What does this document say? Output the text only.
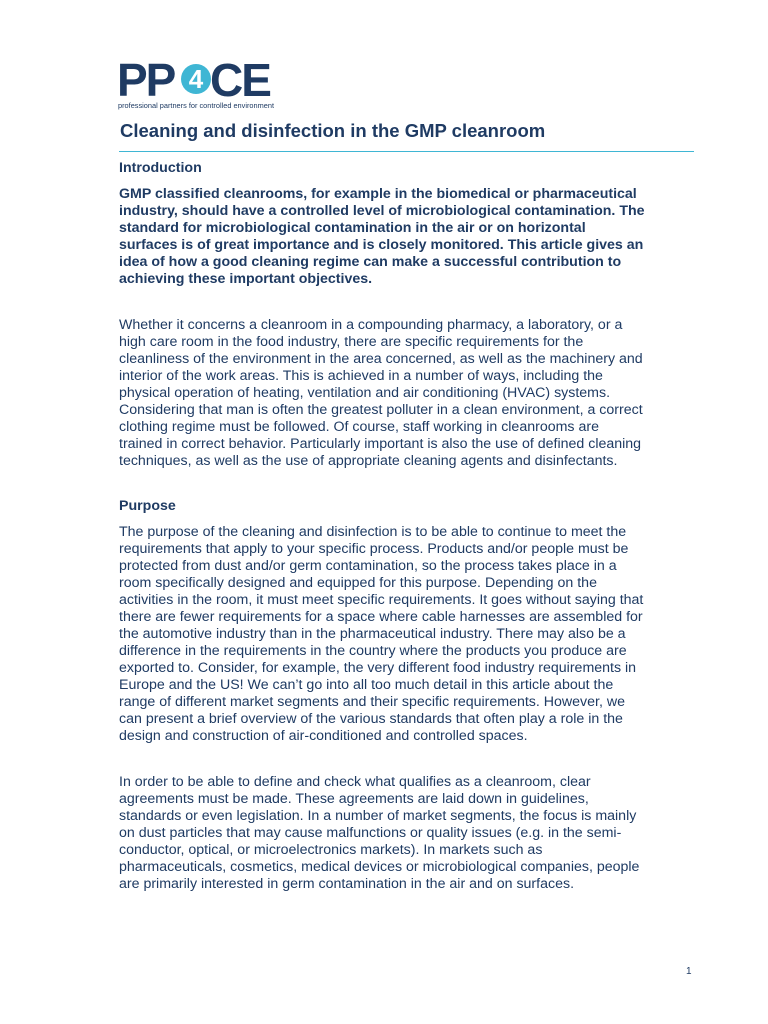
PP 4 CE
professional partners for controlled environment
Cleaning and disinfection in the GMP cleanroom
Introduction
GMP classified cleanrooms, for example in the biomedical or pharmaceutical
industry, should have a controlled level of microbiological contamination. The
standard for microbiological contamination in the air or on horizontal
surfaces is of great importance and is closely monitored. This article gives an
idea of how a good cleaning regime can make a successful contribution to
achieving these important objectives.
Whether it concerns a cleanroom in a compounding pharmacy, a laboratory, or a
high care room in the food industry, there are specific requirements for the
cleanliness of the environment in the area concerned, as well as the machinery and
interior of the work areas. This is achieved in a number of ways, including the
physical operation of heating, ventilation and air conditioning (HVAC) systems.
Considering that man is often the greatest polluter in a clean environment, a correct
clothing regime must be followed. Of course, staff working in cleanrooms are
trained in correct behavior. Particularly important is also the use of defined cleaning
techniques, as well as the use of appropriate cleaning agents and disinfectants.
Purpose
The purpose of the cleaning and disinfection is to be able to continue to meet the
requirements that apply to your specific process. Products and/or people must be
protected from dust and/or germ contamination, so the process takes place in a
room specifically designed and equipped for this purpose. Depending on the
activities in the room, it must meet specific requirements. It goes without saying that
there are fewer requirements for a space where cable harnesses are assembled for
the automotive industry than in the pharmaceutical industry. There may also be a
difference in the requirements in the country where the products you produce are
exported to. Consider, for example, the very different food industry requirements in
Europe and the US! We can’t go into all too much detail in this article about the
range of different market segments and their specific requirements. However, we
can present a brief overview of the various standards that often play a role in the
design and construction of air-conditioned and controlled spaces.
In order to be able to define and check what qualifies as a cleanroom, clear
agreements must be made. These agreements are laid down in guidelines,
standards or even legislation. In a number of market segments, the focus is mainly
on dust particles that may cause malfunctions or quality issues (e.g. in the semi-
conductor, optical, or microelectronics markets). In markets such as
pharmaceuticals, cosmetics, medical devices or microbiological companies, people
are primarily interested in germ contamination in the air and on surfaces.
1
